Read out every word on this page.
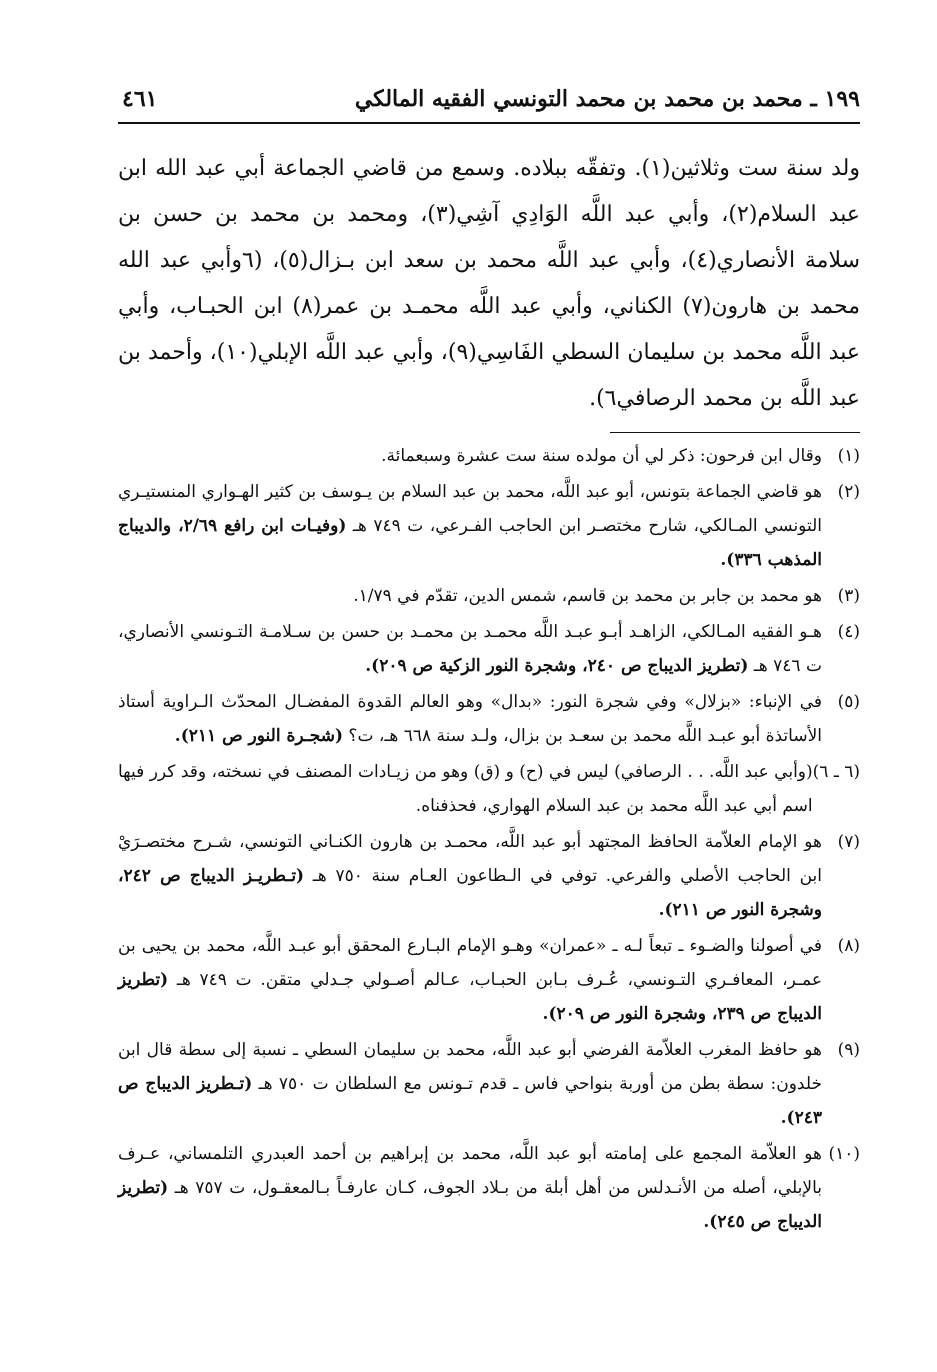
١٩٩ ـ محمد بن محمد بن محمد التونسي الفقيه المالكي
٤٦١

ولد سنة ست وثلاثين(١). وتفقّه ببلاده. وسمع من قاضي الجماعة أبي عبد الله ابن عبد السلام(٢)، وأبي عبد اللَّه الوَادِي آشِي(٣)، ومحمد بن محمد بن حسن بن سلامة الأنصاري(٤)، وأبي عبد اللَّه محمد بن سعد ابن بـزال(٥)، (٦وأبي عبد الله محمد بن هارون(٧) الكناني، وأبي عبد اللَّه محمـد بن عمر(٨) ابن الحبـاب، وأبي عبد اللَّه محمد بن سليمان السطي الفَاسِي(٩)، وأبي عبد اللَّه الإبلي(١٠)، وأحمد بن عبد اللَّه بن محمد الرصافي٦).

(١)
وقال ابن فرحون: ذكر لي أن مولده سنة ست عشرة وسبعمائة.
(٢)
هو قاضي الجماعة بتونس، أبو عبد اللَّه، محمد بن عبد السلام بن يـوسف بن كثير الهـواري المنستيـري التونسي المـالكي، شارح مختصـر ابن الحاجب الفـرعي، ت ٧٤٩ هـ (وفيـات ابن رافع ٢/٦٩، والديباج المذهب ٣٣٦).
(٣)
هو محمد بن جابر بن محمد بن قاسم، شمس الدين، تقدّم في ١/٧٩.
(٤)
هـو الفقيه المـالكي، الزاهـد أبـو عبـد اللَّه محمـد بن محمـد بن حسن بن سـلامـة التـونسي الأنصاري، ت ٧٤٦ هـ (تطريز الديباج ص ٢٤٠، وشجرة النور الزكية ص ٢٠٩).
(٥)
في الإنباء: «بزلال» وفي شجرة النور: «بدال» وهو العالم القدوة المفضـال المحدّث الـراوية أستاذ الأساتذة أبو عبـد اللَّه محمد بن سعـد بن بزال، ولـد سنة ٦٦٨ هـ، ت؟ (شجـرة النور ص ٢١١).
(٦ ـ ٦)
(وأبي عبد اللَّه. . . الرصافي) ليس في (ح) و (ق) وهو من زيـادات المصنف في نسخته، وقد كرر فيها اسم أبي عبد اللَّه محمد بن عبد السلام الهواري، فحذفناه.
(٧)
هو الإمام العلاّمة الحافظ المجتهد أبو عبد اللَّه، محمـد بن هارون الكنـاني التونسي، شـرح مختصـرَيْ ابن الحاجب الأصلي والفرعي. توفي في الـطاعون العـام سنة ٧٥٠ هـ (تـطريـز الديباج ص ٢٤٢، وشجرة النور ص ٢١١).
(٨)
في أصولنا والضـوء ـ تبعاً لـه ـ «عمران» وهـو الإمام البـارع المحقق أبو عبـد اللَّه، محمد بن يحيى بن عمـر، المعافـري التـونسي، عُـرف بـابن الحبـاب، عـالم أصـولي جـدلي متقن. ت ٧٤٩ هـ (تطريز الديباج ص ٢٣٩، وشجرة النور ص ٢٠٩).
(٩)
هو حافظ المغرب العلاّمة الفرضي أبو عبد اللَّه، محمد بن سليمان السطي ـ نسبة إلى سطة قال ابن خلدون: سطة بطن من أوربة بنواحي فاس ـ قدم تـونس مع السلطان ت ٧٥٠ هـ (تـطريز الديباج ص ٢٤٣).
(١٠)
هو العلاّمة المجمع على إمامته أبو عبد اللَّه، محمد بن إبراهيم بن أحمد العبدري التلمساني، عـرف بالإبلي، أصله من الأنـدلس من أهل أبلة من بـلاد الجوف، كـان عارفـاً بـالمعقـول، ت ٧٥٧ هـ (تطريز الديباج ص ٢٤٥).
